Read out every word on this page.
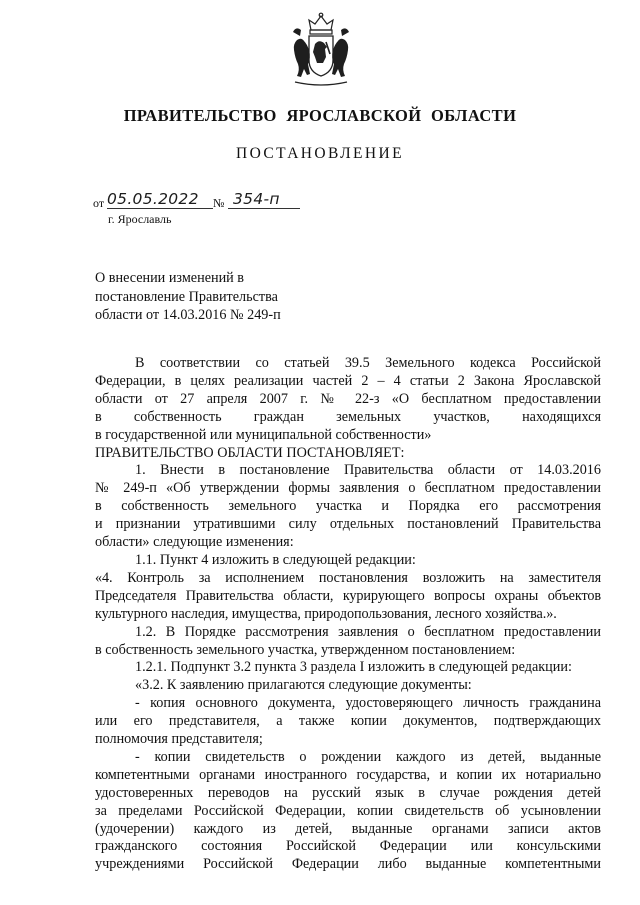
ПРАВИТЕЛЬСТВО ЯРОСЛАВСКОЙ ОБЛАСТИ
ПОСТАНОВЛЕНИЕ
от 05.05.2022 № 354-п
г. Ярославль
О внесении изменений в
постановление Правительства
области от 14.03.2016 № 249-п
В соответствии со статьей 39.5 Земельного кодекса Российской
Федерации, в целях реализации частей 2 – 4 статьи 2 Закона Ярославской
области от 27 апреля 2007 г. № 22-з «О бесплатном предоставлении
в собственность граждан земельных участков, находящихся
в государственной или муниципальной собственности»
ПРАВИТЕЛЬСТВО ОБЛАСТИ ПОСТАНОВЛЯЕТ:
1. Внести в постановление Правительства области от 14.03.2016
№ 249-п «Об утверждении формы заявления о бесплатном предоставлении
в собственность земельного участка и Порядка его рассмотрения
и признании утратившими силу отдельных постановлений Правительства
области» следующие изменения:
1.1. Пункт 4 изложить в следующей редакции:
«4. Контроль за исполнением постановления возложить на заместителя
Председателя Правительства области, курирующего вопросы охраны объектов
культурного наследия, имущества, природопользования, лесного хозяйства.».
1.2. В Порядке рассмотрения заявления о бесплатном предоставлении
в собственность земельного участка, утвержденном постановлением:
1.2.1. Подпункт 3.2 пункта 3 раздела I изложить в следующей редакции:
«3.2. К заявлению прилагаются следующие документы:
- копия основного документа, удостоверяющего личность гражданина
или его представителя, а также копии документов, подтверждающих
полномочия представителя;
- копии свидетельств о рождении каждого из детей, выданные
компетентными органами иностранного государства, и копии их нотариально
удостоверенных переводов на русский язык в случае рождения детей
за пределами Российской Федерации, копии свидетельств об усыновлении
(удочерении) каждого из детей, выданные органами записи актов
гражданского состояния Российской Федерации или консульскими
учреждениями Российской Федерации либо выданные компетентными
